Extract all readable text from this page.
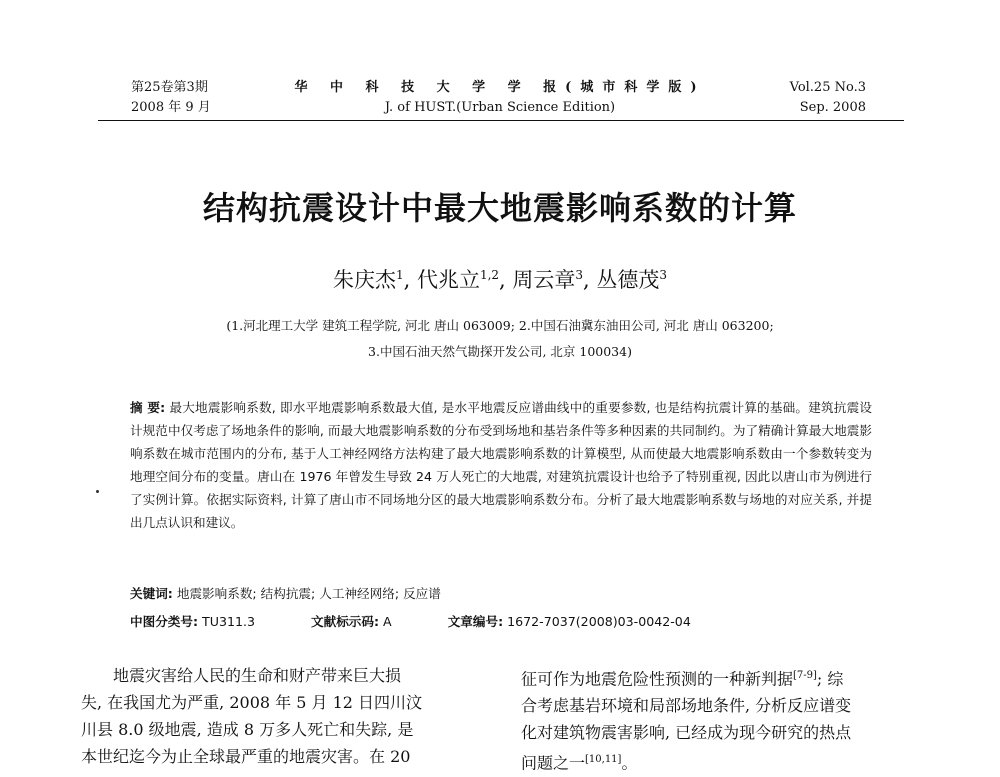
第25卷第3期
2008 年 9 月
华 中 科 技 大 学 学 报(城市科学版)
J. of HUST.(Urban Science Edition)
Vol.25 No.3
Sep. 2008
结构抗震设计中最大地震影响系数的计算
朱庆杰$^1$, 代兆立$^{1,2}$, 周云章$^3$, 丛德茂$^3$
(1.河北理工大学 建筑工程学院, 河北 唐山 063009; 2.中国石油冀东油田公司, 河北 唐山 063200;
3.中国石油天然气勘探开发公司, 北京 100034)
摘 要: 最大地震影响系数, 即水平地震影响系数最大值, 是水平地震反应谱曲线中的重要参数, 也是结构抗震计算的基础。建筑抗震设计规范中仅考虑了场地条件的影响, 而最大地震影响系数的分布受到场地和基岩条件等多种因素的共同制约。为了精确计算最大地震影响系数在城市范围内的分布, 基于人工神经网络方法构建了最大地震影响系数的计算模型, 从而使最大地震影响系数由一个参数转变为地理空间分布的变量。唐山在 1976 年曾发生导致 24 万人死亡的大地震, 对建筑抗震设计也给予了特别重视, 因此以唐山市为例进行了实例计算。依据实际资料, 计算了唐山市不同场地分区的最大地震影响系数分布。分析了最大地震影响系数与场地的对应关系, 并提出几点认识和建议。
关键词: 地震影响系数; 结构抗震; 人工神经网络; 反应谱
中图分类号: TU311.3	文献标示码: A	文章编号: 1672-7037(2008)03-0042-04
地震灾害给人民的生命和财产带来巨大损
失, 在我国尤为严重, 2008 年 5 月 12 日四川汶
川县 8.0 级地震, 造成 8 万多人死亡和失踪, 是
本世纪迄今为止全球最严重的地震灾害。在 20
征可作为地震危险性预测的一种新判据[7-9]; 综
合考虑基岩环境和局部场地条件, 分析反应谱变
化对建筑物震害影响, 已经成为现今研究的热点
问题之一[10,11]。
